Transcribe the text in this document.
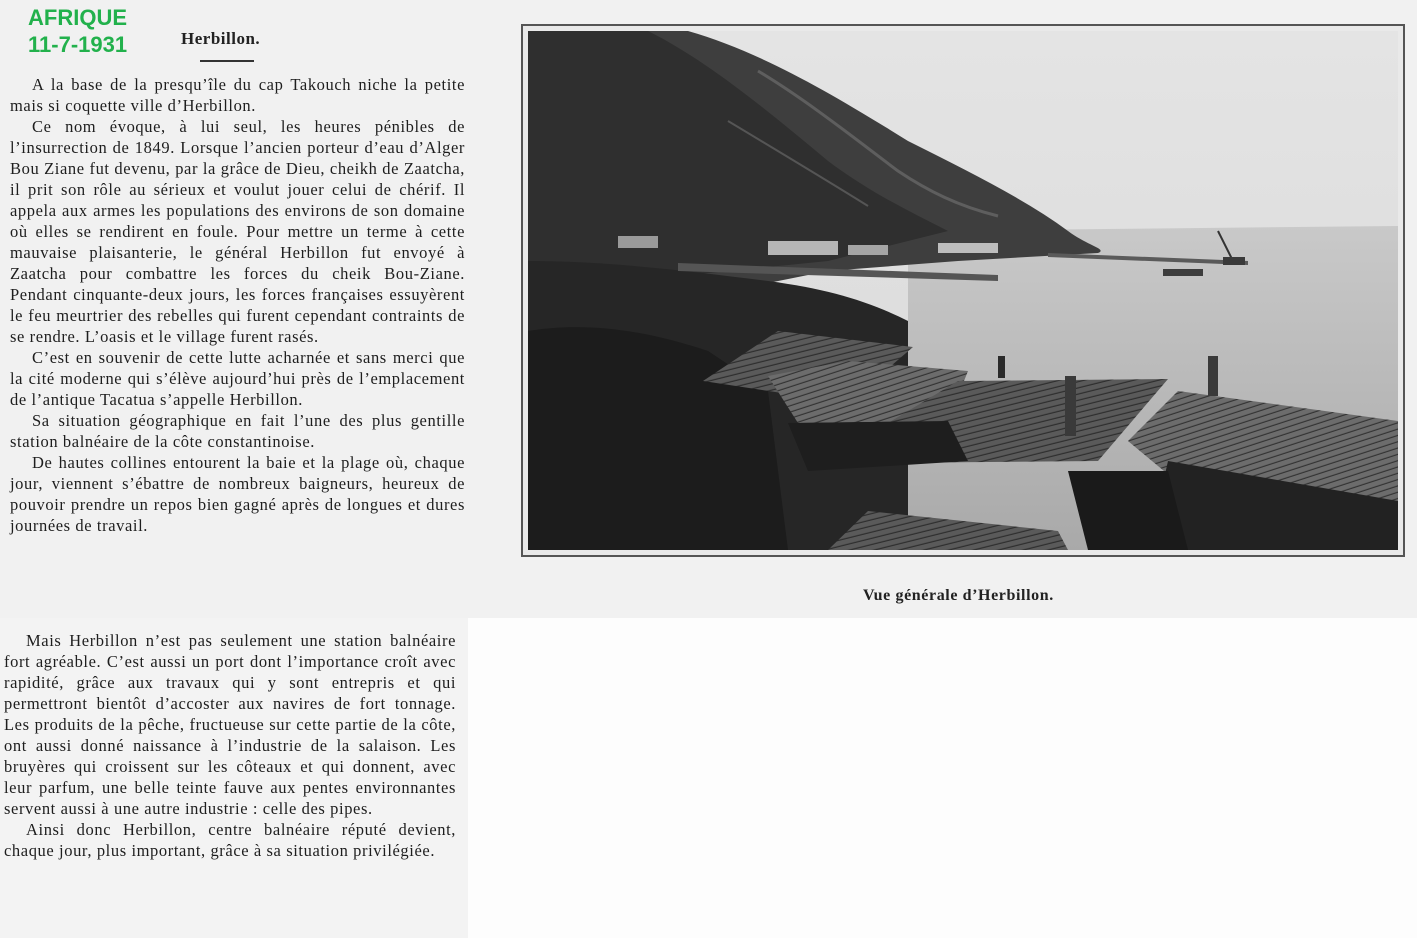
AFRIQUE
11-7-1931	Herbillon.

A la base de la presqu’île du cap Takouch niche la petite mais si coquette ville d’Herbillon.

Ce nom évoque, à lui seul, les heures pénibles de l’insurrection de 1849. Lorsque l’ancien porteur d’eau d’Alger Bou Ziane fut devenu, par la grâce de Dieu, cheikh de Zaatcha, il prit son rôle au sérieux et voulut jouer celui de chérif. Il appela aux armes les populations des environs de son domaine où elles se rendirent en foule. Pour mettre un terme à cette mauvaise plaisanterie, le général Herbillon fut envoyé à Zaatcha pour combattre les forces du cheik Bou-Ziane. Pendant cinquante-deux jours, les forces françaises essuyèrent le feu meurtrier des rebelles qui furent cependant contraints de se rendre. L’oasis et le village furent rasés.

C’est en souvenir de cette lutte acharnée et sans merci que la cité moderne qui s’élève aujourd’hui près de l’emplacement de l’antique Tacatua s’appelle Herbillon.

Sa situation géographique en fait l’une des plus gentille station balnéaire de la côte constantinoise.

De hautes collines entourent la baie et la plage où, chaque jour, viennent s’ébattre de nombreux baigneurs, heureux de pouvoir prendre un repos bien gagné après de longues et dures journées de travail.

Mais Herbillon n’est pas seulement une station balnéaire fort agréable. C’est aussi un port dont l’importance croît avec rapidité, grâce aux travaux qui y sont entrepris et qui permettront bientôt d’accoster aux navires de fort tonnage. Les produits de la pêche, fructueuse sur cette partie de la côte, ont aussi donné naissance à l’industrie de la salaison. Les bruyères qui croissent sur les côteaux et qui donnent, avec leur parfum, une belle teinte fauve aux pentes environnantes servent aussi à une autre industrie : celle des pipes.

Ainsi donc Herbillon, centre balnéaire réputé devient, chaque jour, plus important, grâce à sa situation privilégiée.

Vue générale d’Herbillon.
